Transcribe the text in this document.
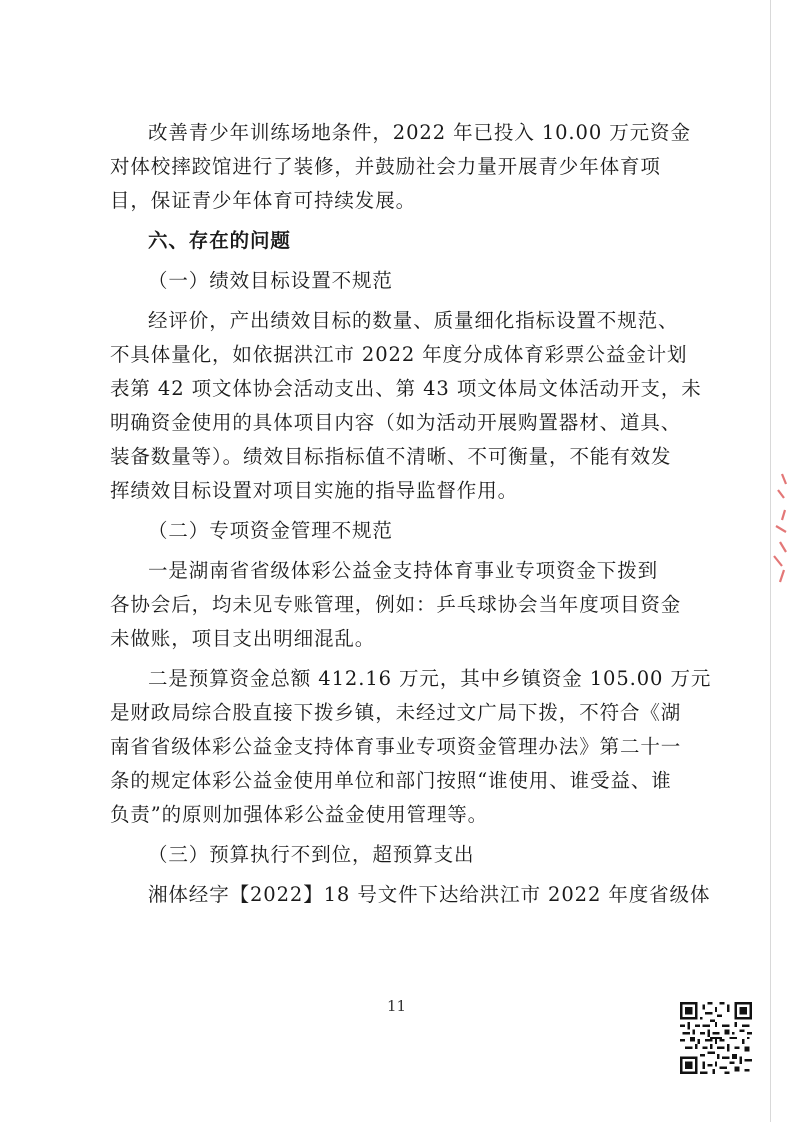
改善青少年训练场地条件，2022 年已投入 10.00 万元资金
对体校摔跤馆进行了装修，并鼓励社会力量开展青少年体育项
目，保证青少年体育可持续发展。
六、存在的问题
（一）绩效目标设置不规范
经评价，产出绩效目标的数量、质量细化指标设置不规范、
不具体量化，如依据洪江市 2022 年度分成体育彩票公益金计划
表第 42 项文体协会活动支出、第 43 项文体局文体活动开支，未
明确资金使用的具体项目内容（如为活动开展购置器材、道具、
装备数量等）。绩效目标指标值不清晰、不可衡量，不能有效发
挥绩效目标设置对项目实施的指导监督作用。
（二）专项资金管理不规范
一是湖南省省级体彩公益金支持体育事业专项资金下拨到
各协会后，均未见专账管理，例如：乒乓球协会当年度项目资金
未做账，项目支出明细混乱。
二是预算资金总额 412.16 万元，其中乡镇资金 105.00 万元
是财政局综合股直接下拨乡镇，未经过文广局下拨，不符合《湖
南省省级体彩公益金支持体育事业专项资金管理办法》第二十一
条的规定体彩公益金使用单位和部门按照“谁使用、谁受益、谁
负责”的原则加强体彩公益金使用管理等。
（三）预算执行不到位，超预算支出
湘体经字【2022】18 号文件下达给洪江市 2022 年度省级体
11
